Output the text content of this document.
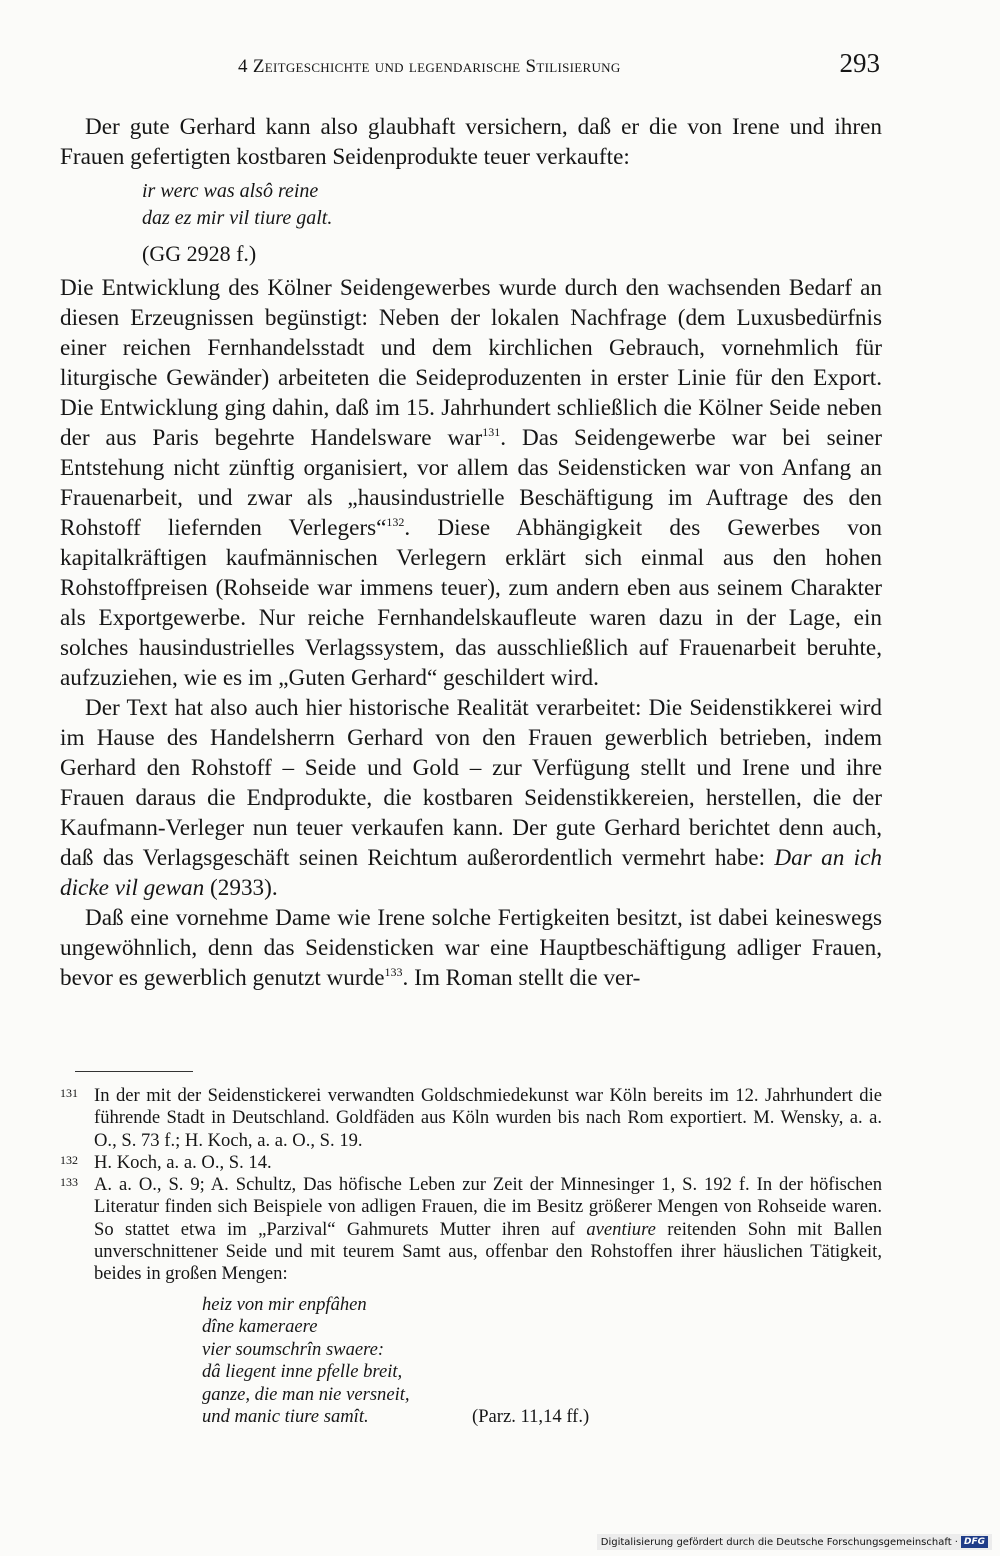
4 Zeitgeschichte und legendarische Stilisierung	293

Der gute Gerhard kann also glaubhaft versichern, daß er die von Irene und ihren Frauen gefertigten kostbaren Seidenprodukte teuer verkaufte:

ir werc was alsô reine
daz ez mir vil tiure galt.
(GG 2928 f.)

Die Entwicklung des Kölner Seidengewerbes wurde durch den wachsenden Bedarf an diesen Erzeugnissen begünstigt: Neben der lokalen Nachfrage (dem Luxusbedürfnis einer reichen Fernhandelsstadt und dem kirchlichen Gebrauch, vornehmlich für liturgische Gewänder) arbeiteten die Seideproduzenten in erster Linie für den Export. Die Entwicklung ging dahin, daß im 15. Jahrhundert schließlich die Kölner Seide neben der aus Paris begehrte Handelsware war$^{131}$. Das Seidengewerbe war bei seiner Entstehung nicht zünftig organisiert, vor allem das Seidensticken war von Anfang an Frauenarbeit, und zwar als „hausindustrielle Beschäftigung im Auftrage des den Rohstoff liefernden Verlegers“$^{132}$. Diese Abhängigkeit des Gewerbes von kapitalkräftigen kaufmännischen Verlegern erklärt sich einmal aus den hohen Rohstoffpreisen (Rohseide war immens teuer), zum andern eben aus seinem Charakter als Exportgewerbe. Nur reiche Fernhandelskaufleute waren dazu in der Lage, ein solches hausindustrielles Verlagssystem, das ausschließlich auf Frauenarbeit beruhte, aufzuziehen, wie es im „Guten Gerhard“ geschildert wird.

Der Text hat also auch hier historische Realität verarbeitet: Die Seidenstikkerei wird im Hause des Handelsherrn Gerhard von den Frauen gewerblich betrieben, indem Gerhard den Rohstoff – Seide und Gold – zur Verfügung stellt und Irene und ihre Frauen daraus die Endprodukte, die kostbaren Seidenstikkereien, herstellen, die der Kaufmann-Verleger nun teuer verkaufen kann. Der gute Gerhard berichtet denn auch, daß das Verlagsgeschäft seinen Reichtum außerordentlich vermehrt habe: Dar an ich dicke vil gewan (2933).

Daß eine vornehme Dame wie Irene solche Fertigkeiten besitzt, ist dabei keineswegs ungewöhnlich, denn das Seidensticken war eine Hauptbeschäftigung adliger Frauen, bevor es gewerblich genutzt wurde$^{133}$. Im Roman stellt die ver-

131 In der mit der Seidenstickerei verwandten Goldschmiedekunst war Köln bereits im 12. Jahrhundert die führende Stadt in Deutschland. Goldfäden aus Köln wurden bis nach Rom exportiert. M. Wensky, a. a. O., S. 73 f.; H. Koch, a. a. O., S. 19.
132 H. Koch, a. a. O., S. 14.
133 A. a. O., S. 9; A. Schultz, Das höfische Leben zur Zeit der Minnesinger 1, S. 192 f. In der höfischen Literatur finden sich Beispiele von adligen Frauen, die im Besitz größerer Mengen von Rohseide waren. So stattet etwa im „Parzival“ Gahmurets Mutter ihren auf aventiure reitenden Sohn mit Ballen unverschnittener Seide und mit teurem Samt aus, offenbar den Rohstoffen ihrer häuslichen Tätigkeit, beides in großen Mengen:
heiz von mir enpfâhen
dîne kameraere
vier soumschrîn swaere:
dâ liegent inne pfelle breit,
ganze, die man nie versneit,
und manic tiure samît.	(Parz. 11,14 ff.)
Digitalisierung gefördert durch die Deutsche Forschungsgemeinschaft · DFG
